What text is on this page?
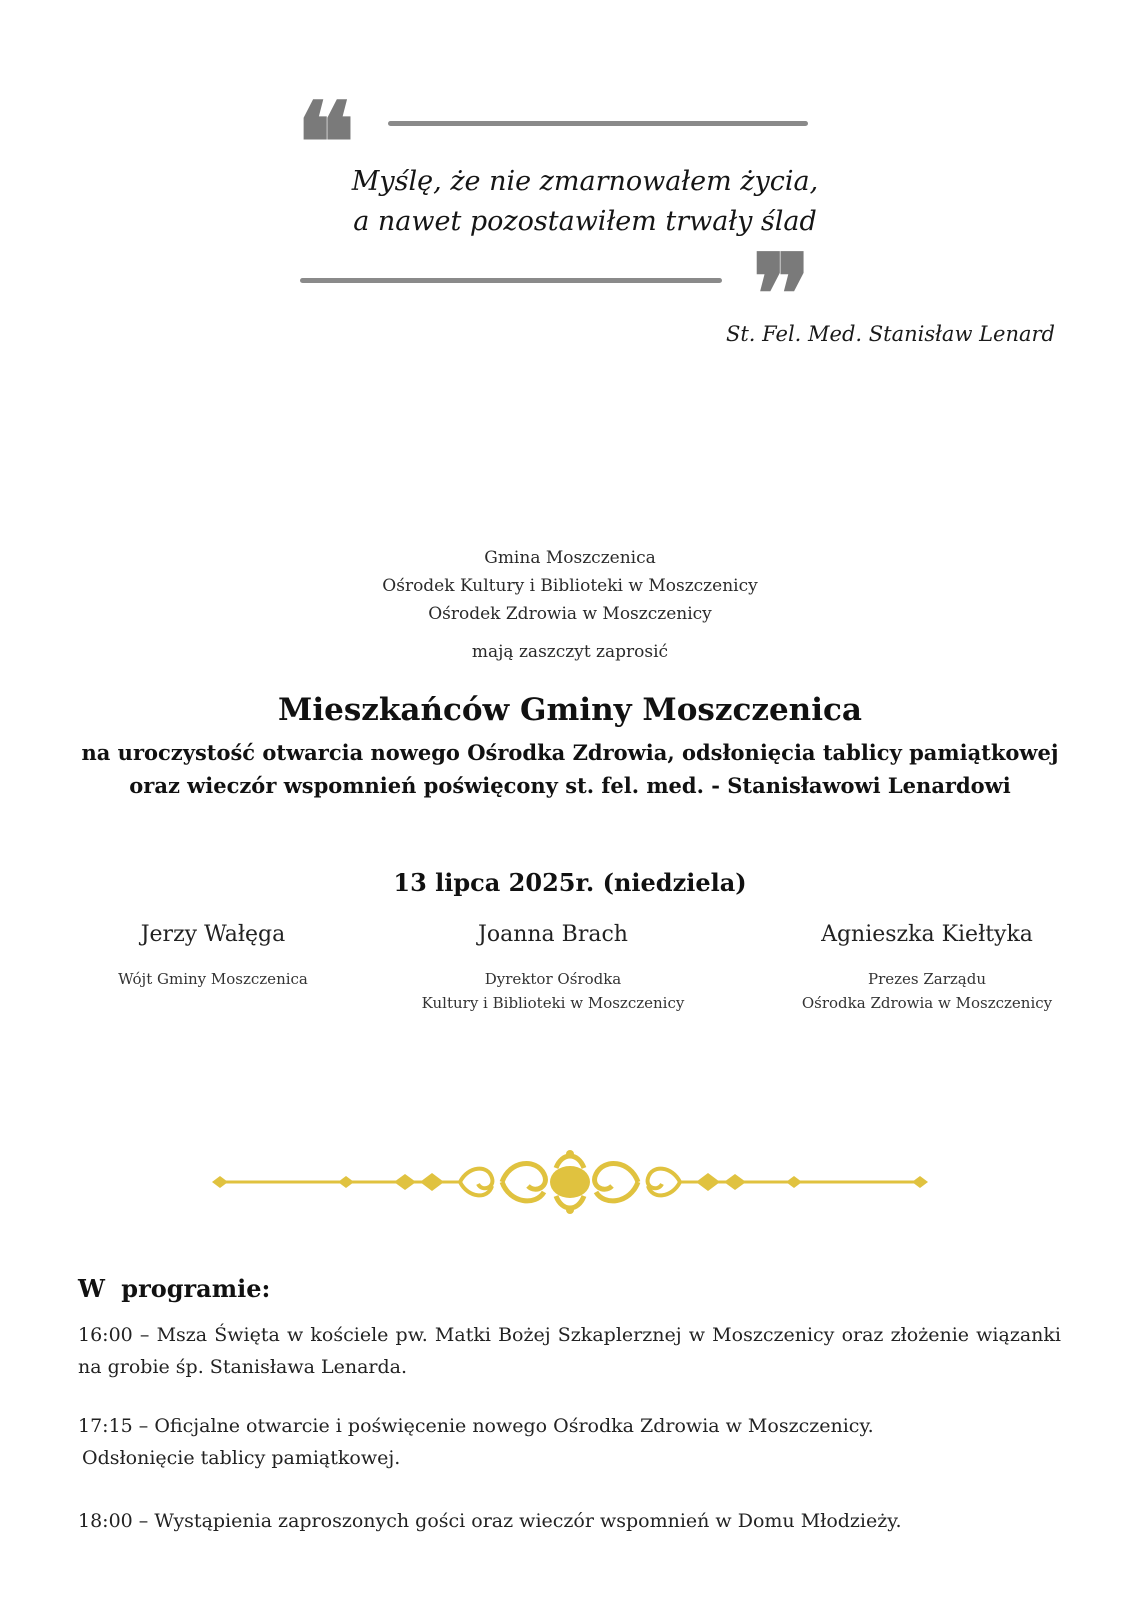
❝
Myślę, że nie zmarnowałem życia,
a nawet pozostawiłem trwały ślad
❞
St. Fel. Med. Stanisław Lenard
Gmina Moszczenica
Ośrodek Kultury i Biblioteki w Moszczenicy
Ośrodek Zdrowia w Moszczenicy
mają zaszczyt zaprosić
Mieszkańców Gminy Moszczenica
na uroczystość otwarcia nowego Ośrodka Zdrowia, odsłonięcia tablicy pamiątkowej
oraz wieczór wspomnień poświęcony st. fel. med. - Stanisławowi Lenardowi
13 lipca 2025r. (niedziela)
Jerzy Wałęga
Wójt Gminy Moszczenica
Joanna Brach
Dyrektor Ośrodka
Kultury i Biblioteki w Moszczenicy
Agnieszka Kiełtyka
Prezes Zarządu
Ośrodka Zdrowia w Moszczenicy
W programie:
16:00 – Msza Święta w kościele pw. Matki Bożej Szkaplerznej w Moszczenicy oraz złożenie wiązanki na grobie śp. Stanisława Lenarda.
17:15 – Oficjalne otwarcie i poświęcenie nowego Ośrodka Zdrowia w Moszczenicy.
Odsłonięcie tablicy pamiątkowej.
18:00 – Wystąpienia zaproszonych gości oraz wieczór wspomnień w Domu Młodzieży.
